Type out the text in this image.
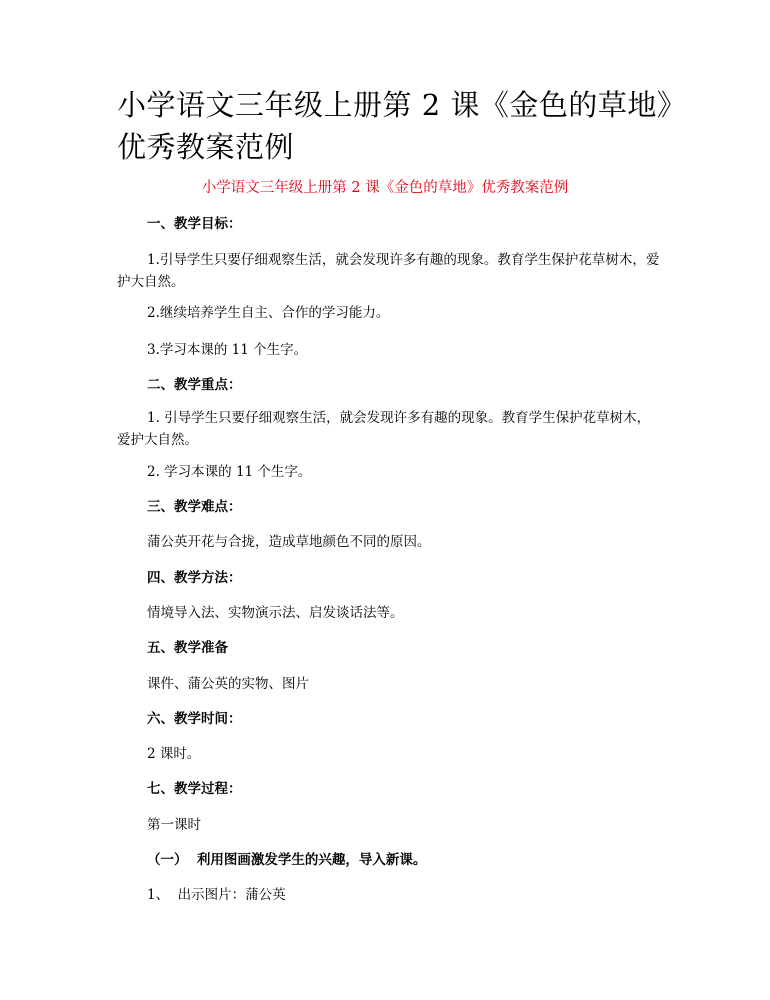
小学语文三年级上册第 2 课《金色的草地》优秀教案范例
小学语文三年级上册第 2 课《金色的草地》优秀教案范例

一、教学目标：

1.引导学生只要仔细观察生活，就会发现许多有趣的现象。教育学生保护花草树木，爱护大自然。

2.继续培养学生自主、合作的学习能力。

3.学习本课的 11 个生字。

二、教学重点：

1. 引导学生只要仔细观察生活，就会发现许多有趣的现象。教育学生保护花草树木，爱护大自然。

2. 学习本课的 11 个生字。

三、教学难点：

蒲公英开花与合拢，造成草地颜色不同的原因。

四、教学方法：

情境导入法、实物演示法、启发谈话法等。

五、教学准备

课件、蒲公英的实物、图片

六、教学时间：

2 课时。

七、教学过程：

第一课时

（一）  利用图画激发学生的兴趣，导入新课。

1、  出示图片：蒲公英
